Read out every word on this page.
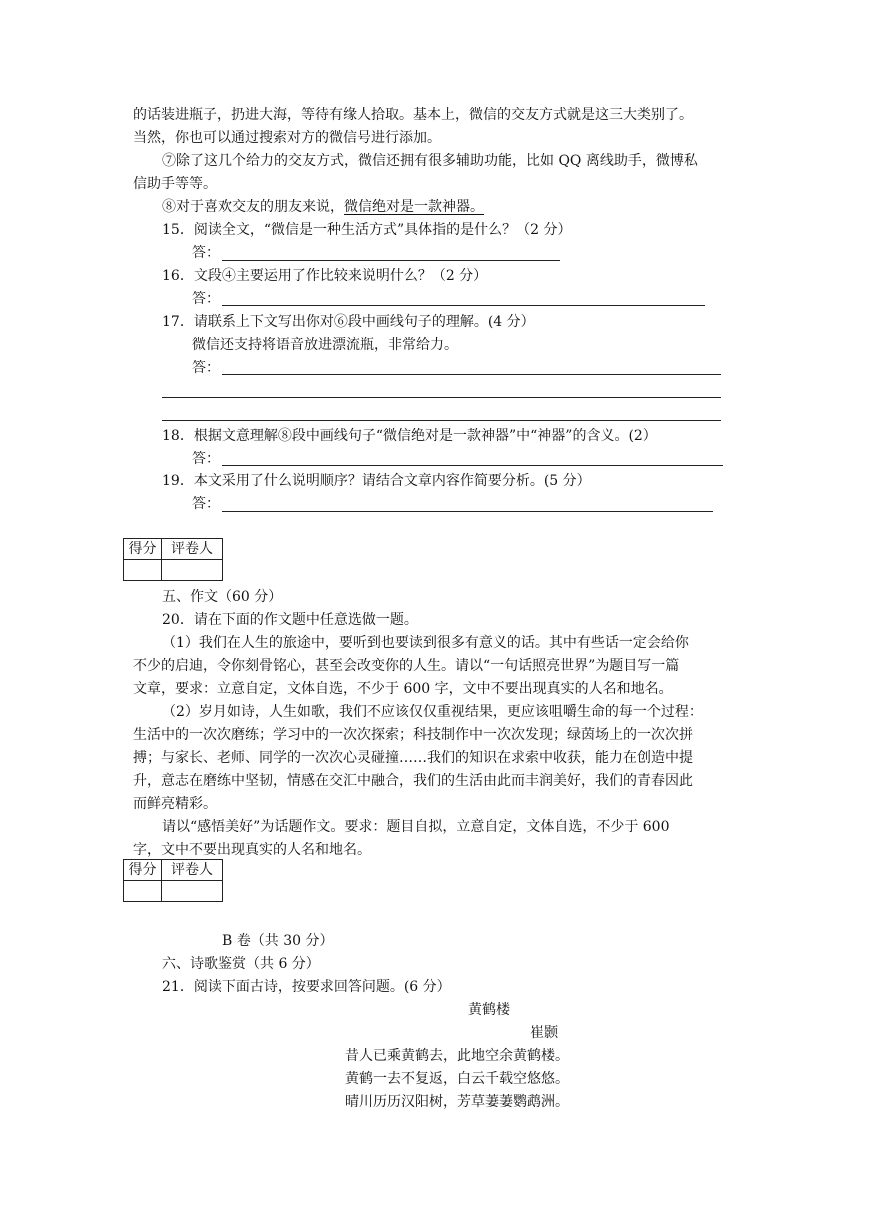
的话装进瓶子，扔进大海，等待有缘人拾取。基本上，微信的交友方式就是这三大类别了。
当然，你也可以通过搜索对方的微信号进行添加。
⑦除了这几个给力的交友方式，微信还拥有很多辅助功能，比如 QQ 离线助手，微博私
信助手等等。
⑧对于喜欢交友的朋友来说，微信绝对是一款神器。
15．阅读全文，“微信是一种生活方式”具体指的是什么？（2 分）
答：
16．文段④主要运用了作比较来说明什么？（2 分）
答：
17．请联系上下文写出你对⑥段中画线句子的理解。(4 分）
微信还支持将语音放进漂流瓶，非常给力。
答：
18．根据文意理解⑧段中画线句子“微信绝对是一款神器”中“神器”的含义。(2）
答：
19．本文采用了什么说明顺序？请结合文章内容作简要分析。(5 分）
答：
得分	评卷人

五、作文（60 分）
20．请在下面的作文题中任意选做一题。
（1）我们在人生的旅途中，要听到也要读到很多有意义的话。其中有些话一定会给你
不少的启迪，令你刻骨铭心，甚至会改变你的人生。请以“一句话照亮世界”为题目写一篇
文章，要求：立意自定，文体自选，不少于 600 字，文中不要出现真实的人名和地名。
（2）岁月如诗，人生如歌，我们不应该仅仅重视结果，更应该咀嚼生命的每一个过程：
生活中的一次次磨练；学习中的一次次探索；科技制作中一次次发现；绿茵场上的一次次拼
搏；与家长、老师、同学的一次次心灵碰撞……我们的知识在求索中收获，能力在创造中提
升，意志在磨练中坚韧，情感在交汇中融合，我们的生活由此而丰润美好，我们的青春因此
而鲜亮精彩。
请以“感悟美好”为话题作文。要求：题目自拟，立意自定，文体自选，不少于 600
字，文中不要出现真实的人名和地名。
得分	评卷人

B 卷（共 30 分）
六、诗歌鉴赏（共 6 分）
21．阅读下面古诗，按要求回答问题。(6 分）
黄鹤楼
崔颢
昔人已乘黄鹤去，此地空余黄鹤楼。
黄鹤一去不复返，白云千载空悠悠。
晴川历历汉阳树，芳草萋萋鹦鹉洲。
